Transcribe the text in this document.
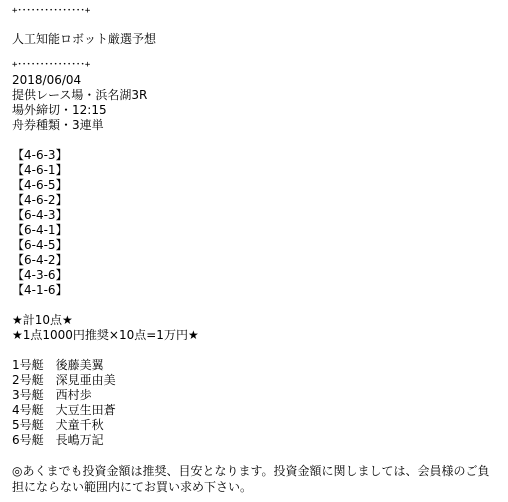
+･･･････････････+
人工知能ロボット厳選予想
+･･･････････････+
2018/06/04
提供レース場・浜名湖3R
場外締切・12:15
舟券種類・3連単
【4-6-3】
【4-6-1】
【4-6-5】
【4-6-2】
【6-4-3】
【6-4-1】
【6-4-5】
【6-4-2】
【4-3-6】
【4-1-6】
★計10点★
★1点1000円推奨×10点=1万円★
1号艇　後藤美翼
2号艇　深見亜由美
3号艇　西村歩
4号艇　大豆生田蒼
5号艇　犬童千秋
6号艇　長嶋万記
◎あくまでも投資金額は推奨、目安となります。投資金額に関しましては、会員様のご負担にならない範囲内にてお買い求め下さい。
